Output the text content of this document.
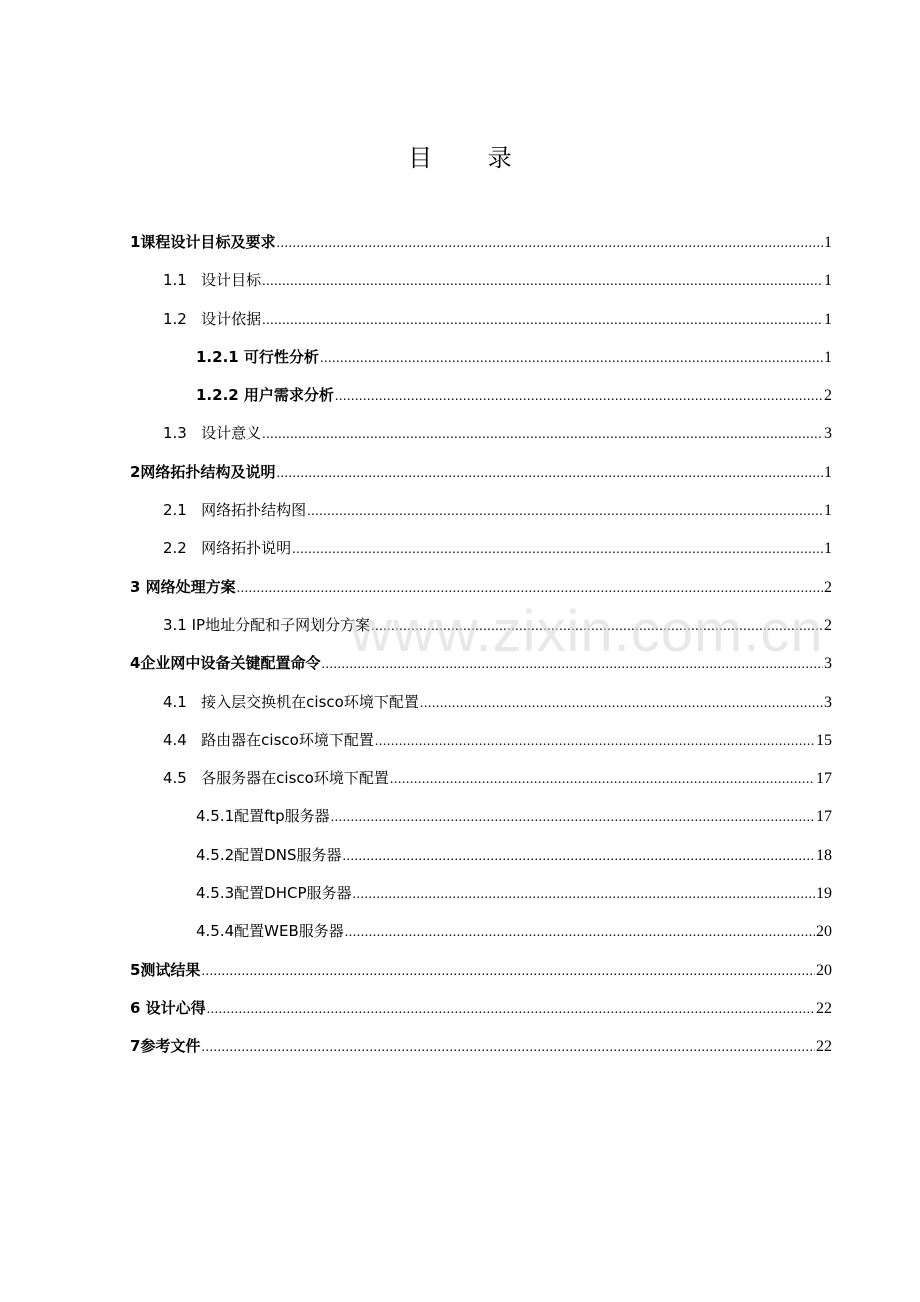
目 录
1课程设计目标及要求 .....	1
1.1   设计目标 .....	1
1.2   设计依据 .....	1
1.2.1 可行性分析 .....	1
1.2.2 用户需求分析 .....	2
1.3   设计意义 .....	3
2网络拓扑结构及说明 .....	1
2.1   网络拓扑结构图 .....	1
2.2   网络拓扑说明 .....	1
3 网络处理方案 .....	2
3.1 IP地址分配和子网划分方案 .....	2
4企业网中设备关键配置命令 .....	3
4.1   接入层交换机在cisco环境下配置 .....	3
4.4   路由器在cisco环境下配置 .....	15
4.5   各服务器在cisco环境下配置 .....	17
4.5.1配置ftp服务器 .....	17
4.5.2配置DNS服务器 .....	18
4.5.3配置DHCP服务器 .....	19
4.5.4配置WEB服务器 .....	20
5测试结果 .....	20
6 设计心得 .....	22
7参考文件 .....	22
www.zixin.com.cn
